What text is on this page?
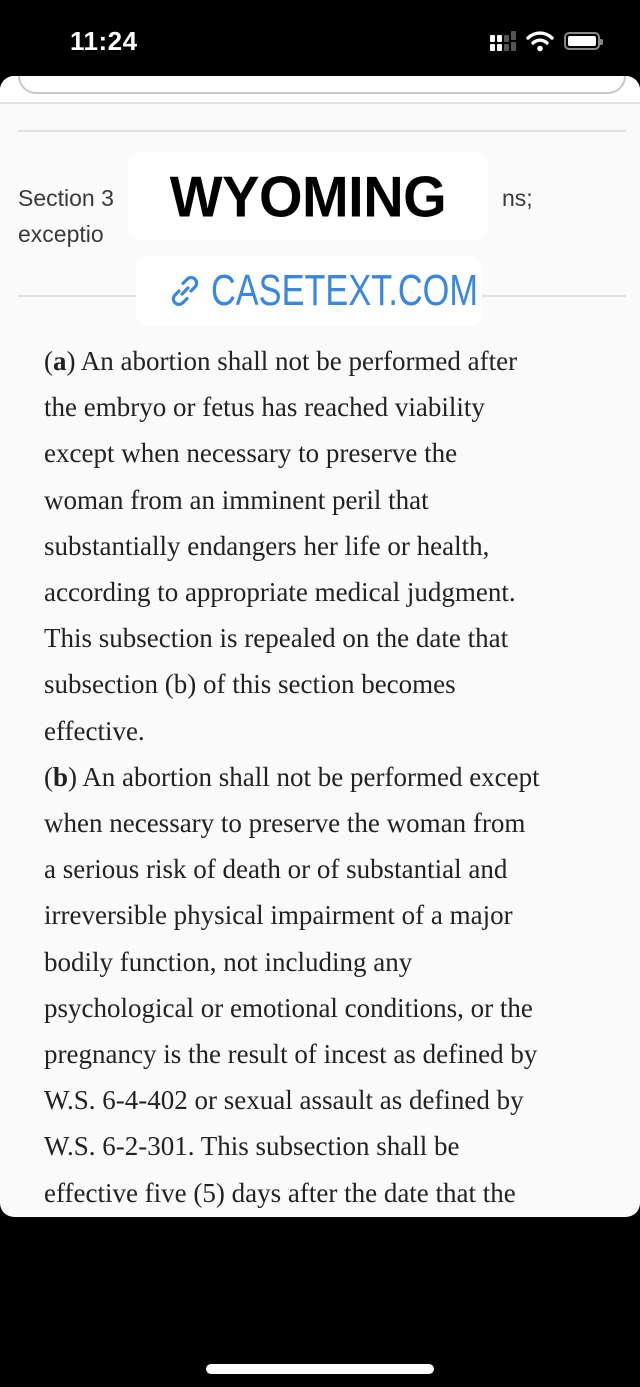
11:24
Section 3	ns;
exceptio
WYOMING
CASETEXT.COM
(a) An abortion shall not be performed after
the embryo or fetus has reached viability
except when necessary to preserve the
woman from an imminent peril that
substantially endangers her life or health,
according to appropriate medical judgment.
This subsection is repealed on the date that
subsection (b) of this section becomes
effective.
(b) An abortion shall not be performed except
when necessary to preserve the woman from
a serious risk of death or of substantial and
irreversible physical impairment of a major
bodily function, not including any
psychological or emotional conditions, or the
pregnancy is the result of incest as defined by
W.S. 6-4-402 or sexual assault as defined by
W.S. 6-2-301. This subsection shall be
effective five (5) days after the date that the
